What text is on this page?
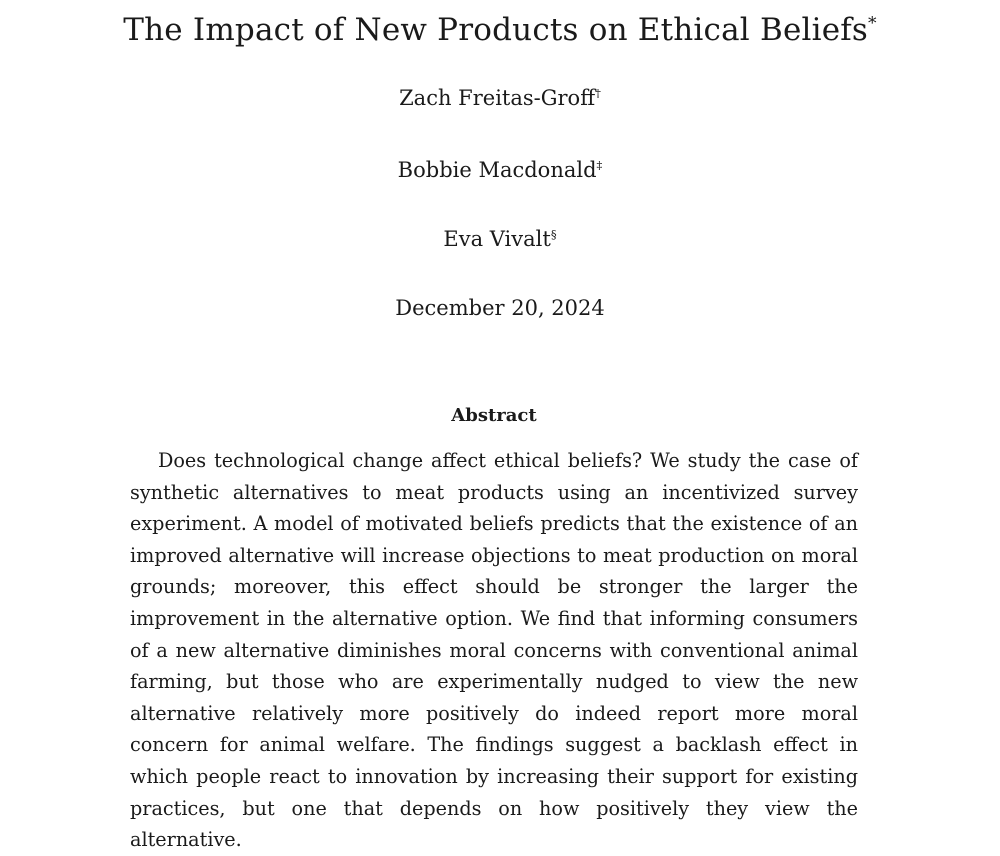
The Impact of New Products on Ethical Beliefs*
Zach Freitas-Groff†
Bobbie Macdonald‡
Eva Vivalt§
December 20, 2024
Abstract

Does technological change affect ethical beliefs? We study the case of synthetic alternatives to meat products using an incentivized survey experiment. A model of motivated beliefs predicts that the existence of an improved alternative will increase objections to meat production on moral grounds; moreover, this effect should be stronger the larger the improvement in the alternative option. We find that informing consumers of a new alternative diminishes moral concerns with conventional animal farming, but those who are experimentally nudged to view the new alternative relatively more positively do indeed report more moral concern for animal welfare. The findings suggest a backlash effect in which people react to innovation by increasing their support for existing practices, but one that depends on how positively they view the alternative.
